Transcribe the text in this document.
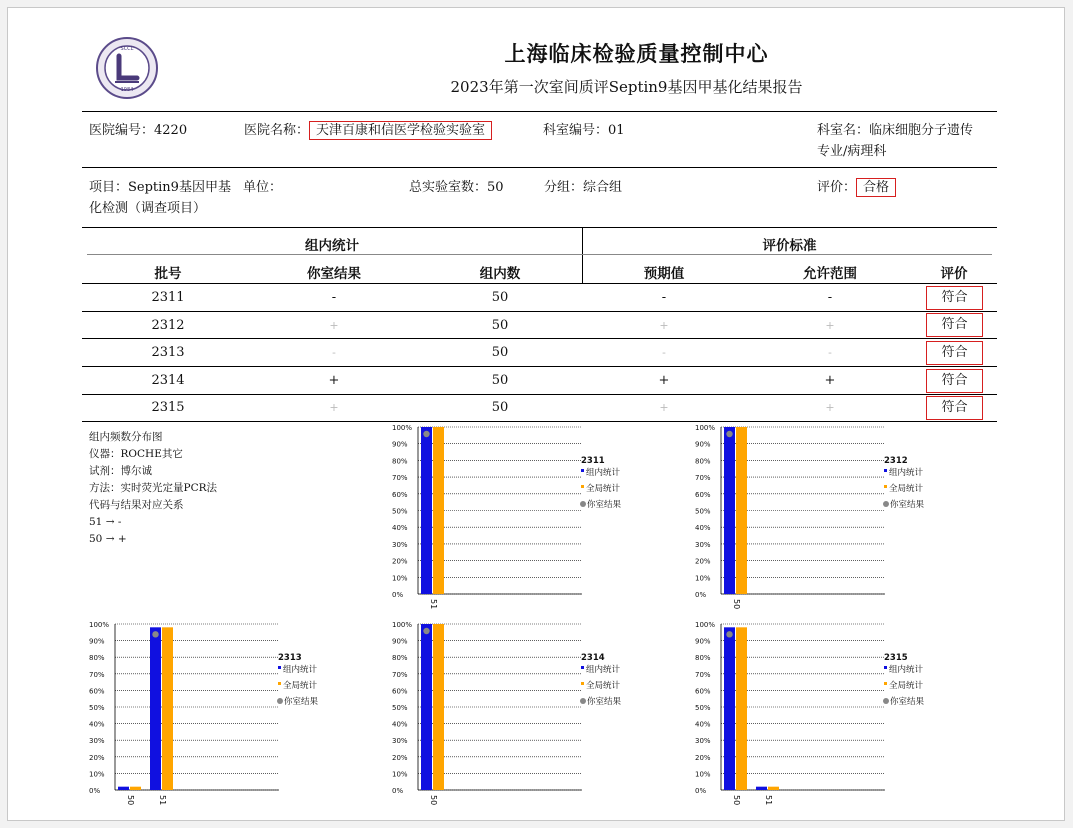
SCCL
1984
上海临床检验质量控制中心
2023年第一次室间质评Septin9基因甲基化结果报告
医院编号：4220	医院名称： 天津百康和信医学检验实验室	科室编号：01	科室名：临床细胞分子遗传
专业/病理科
项目：Septin9基因甲基
化检测（调查项目）
单位：	总实验室数：50	分组：综合组	评价： 合格
组内统计	评价标准
批号	你室结果	组内数	预期值	允许范围	评价
2311	-	50	-	-	符合
2312	+	50	+	+	符合
2313	-	50	-	-	符合
2314	+	50	+	+	符合
2315	+	50	+	+	符合
组内频数分布图
仪器：ROCHE其它
试剂：博尔诚
方法：实时荧光定量PCR法
代码与结果对应关系
51 → -
50 → +
0%
10%
20%
30%
40%
50%
60%
70%
80%
90%
100%
51
2311
组内统计
全局统计
你室结果
0%
10%
20%
30%
40%
50%
60%
70%
80%
90%
100%
50
2312
组内统计
全局统计
你室结果
0%
10%
20%
30%
40%
50%
60%
70%
80%
90%
100%
50	51
2313
组内统计
全局统计
你室结果
0%
10%
20%
30%
40%
50%
60%
70%
80%
90%
100%
50
2314
组内统计
全局统计
你室结果
0%
10%
20%
30%
40%
50%
60%
70%
80%
90%
100%
50	51
2315
组内统计
全局统计
你室结果
